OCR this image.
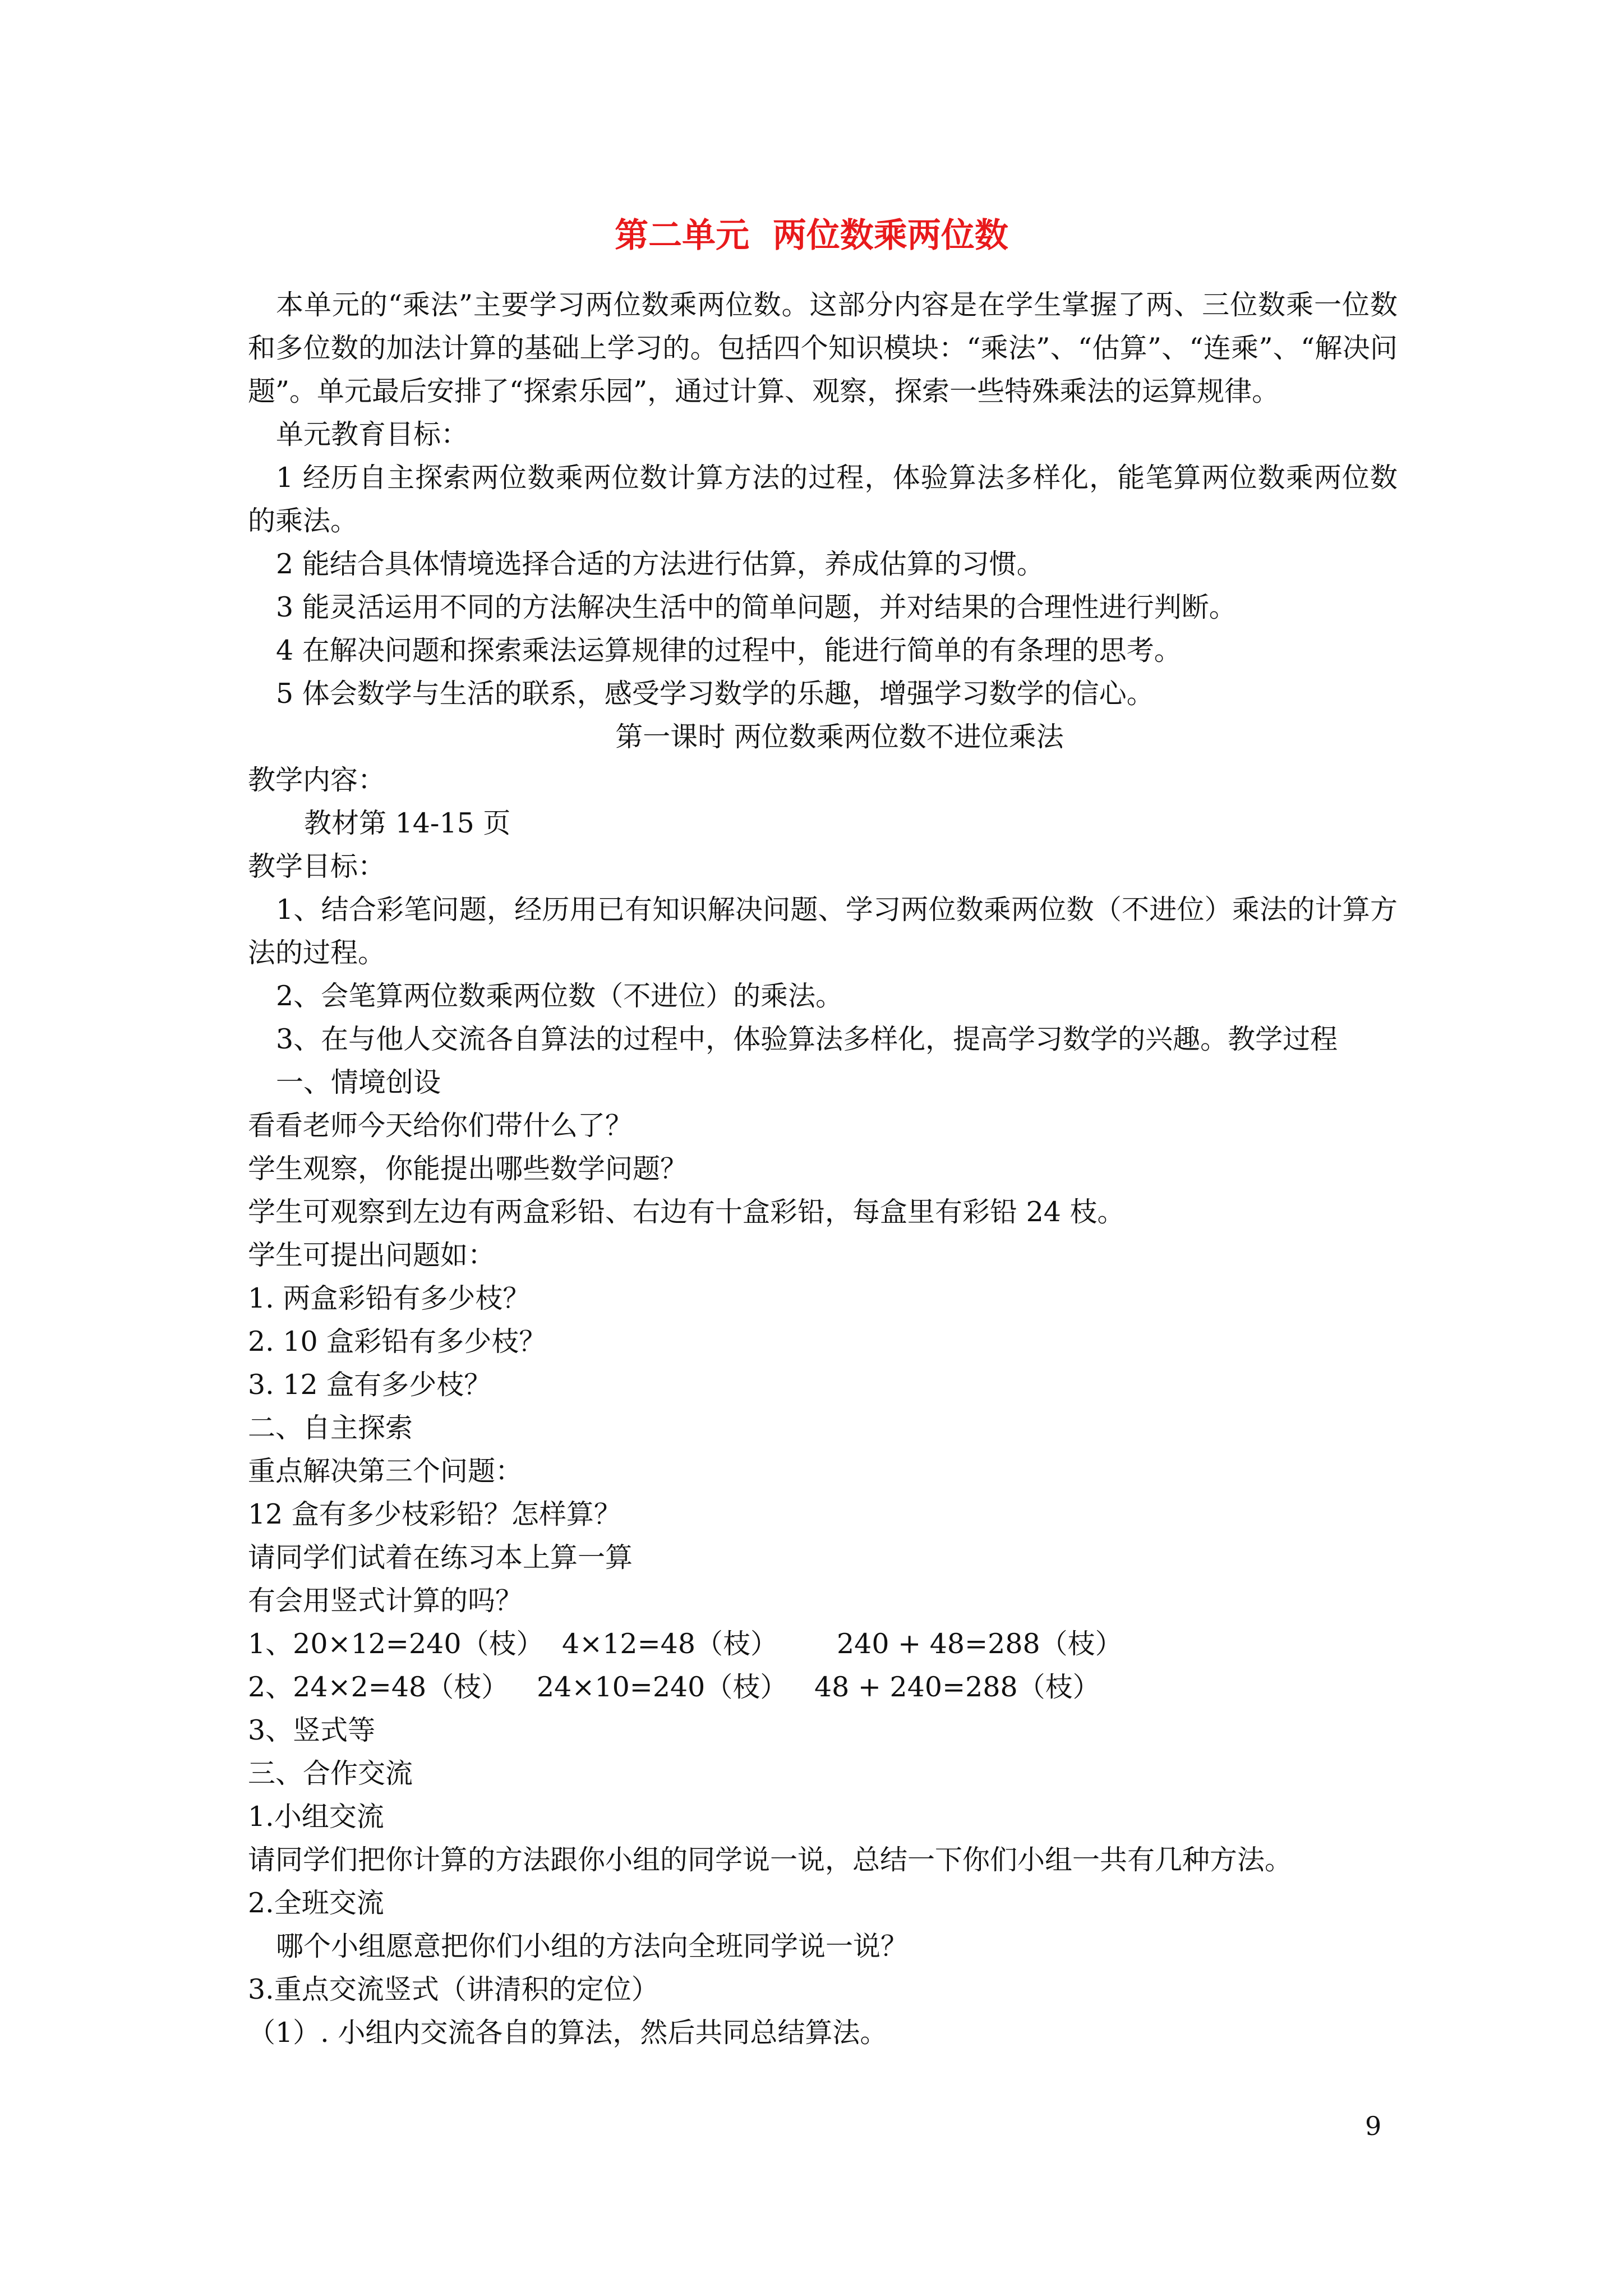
第二单元  两位数乘两位数

本单元的“乘法”主要学习两位数乘两位数。这部分内容是在学生掌握了两、三位数乘一位数和多位数的加法计算的基础上学习的。包括四个知识模块：“乘法”、“估算”、“连乘”、“解决问题”。单元最后安排了“探索乐园”，通过计算、观察，探索一些特殊乘法的运算规律。

单元教育目标：

1 经历自主探索两位数乘两位数计算方法的过程，体验算法多样化，能笔算两位数乘两位数的乘法。

2 能结合具体情境选择合适的方法进行估算，养成估算的习惯。

3 能灵活运用不同的方法解决生活中的简单问题，并对结果的合理性进行判断。

4 在解决问题和探索乘法运算规律的过程中，能进行简单的有条理的思考。

5 体会数学与生活的联系，感受学习数学的乐趣，增强学习数学的信心。

第一课时 两位数乘两位数不进位乘法

教学内容：

教材第 14-15 页

教学目标：

1、结合彩笔问题，经历用已有知识解决问题、学习两位数乘两位数（不进位）乘法的计算方法的过程。

2、会笔算两位数乘两位数（不进位）的乘法。

3、在与他人交流各自算法的过程中，体验算法多样化，提高学习数学的兴趣。教学过程

一、情境创设

看看老师今天给你们带什么了？

学生观察，你能提出哪些数学问题？

学生可观察到左边有两盒彩铅、右边有十盒彩铅，每盒里有彩铅 24 枝。

学生可提出问题如：

1. 两盒彩铅有多少枝？

2. 10 盒彩铅有多少枝？

3. 12 盒有多少枝？

二、自主探索

重点解决第三个问题：

12 盒有多少枝彩铅？怎样算？

请同学们试着在练习本上算一算

有会用竖式计算的吗？

1、20×12=240（枝） 4×12=48（枝）	240 + 48=288（枝）
2、24×2=48（枝）	24×10=240（枝） 48 + 240=288（枝）

3、竖式等

三、合作交流

1.小组交流

请同学们把你计算的方法跟你小组的同学说一说，总结一下你们小组一共有几种方法。

2.全班交流

哪个小组愿意把你们小组的方法向全班同学说一说？

3.重点交流竖式（讲清积的定位）

（1）. 小组内交流各自的算法，然后共同总结算法。

9
